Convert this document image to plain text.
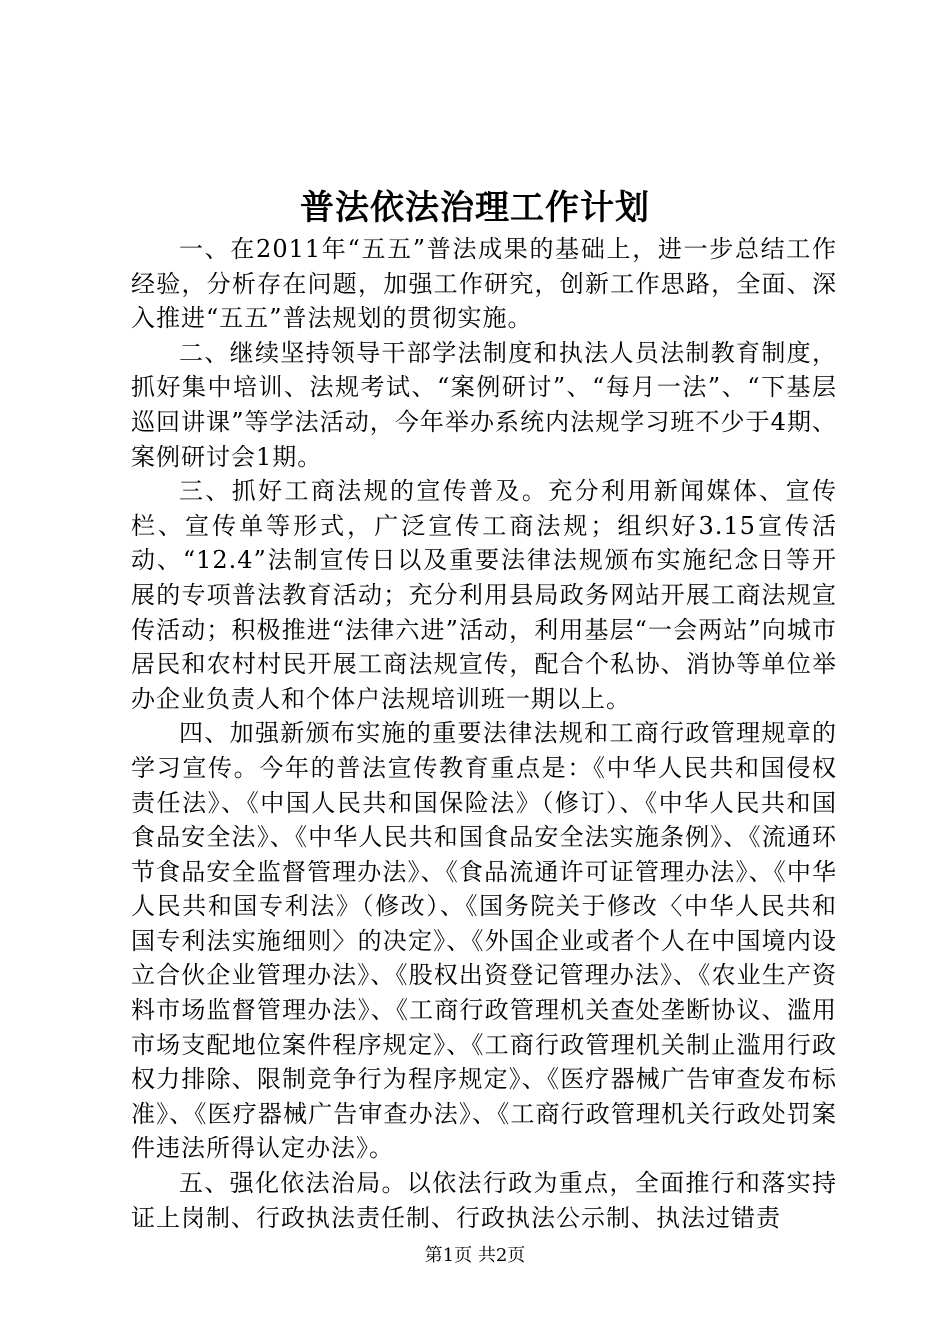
普法依法治理工作计划

一、在2011年“五五”普法成果的基础上，进一步总结工作经验，分析存在问题，加强工作研究，创新工作思路，全面、深入推进“五五”普法规划的贯彻实施。

二、继续坚持领导干部学法制度和执法人员法制教育制度，抓好集中培训、法规考试、“案例研讨”、“每月一法”、“下基层巡回讲课”等学法活动，今年举办系统内法规学习班不少于4期、案例研讨会1期。

三、抓好工商法规的宣传普及。充分利用新闻媒体、宣传栏、宣传单等形式，广泛宣传工商法规；组织好3.15宣传活动、“12.4”法制宣传日以及重要法律法规颁布实施纪念日等开展的专项普法教育活动；充分利用县局政务网站开展工商法规宣传活动；积极推进“法律六进”活动，利用基层“一会两站”向城市居民和农村村民开展工商法规宣传，配合个私协、消协等单位举办企业负责人和个体户法规培训班一期以上。

四、加强新颁布实施的重要法律法规和工商行政管理规章的学习宣传。今年的普法宣传教育重点是：《中华人民共和国侵权责任法》、《中国人民共和国保险法》（修订）、《中华人民共和国食品安全法》、《中华人民共和国食品安全法实施条例》、《流通环节食品安全监督管理办法》、《食品流通许可证管理办法》、《中华人民共和国专利法》（修改）、《国务院关于修改〈中华人民共和国专利法实施细则〉的决定》、《外国企业或者个人在中国境内设立合伙企业管理办法》、《股权出资登记管理办法》、《农业生产资料市场监督管理办法》、《工商行政管理机关查处垄断协议、滥用市场支配地位案件程序规定》、《工商行政管理机关制止滥用行政权力排除、限制竞争行为程序规定》、《医疗器械广告审查发布标准》、《医疗器械广告审查办法》、《工商行政管理机关行政处罚案件违法所得认定办法》。

五、强化依法治局。以依法行政为重点，全面推行和落实持证上岗制、行政执法责任制、行政执法公示制、执法过错责

第1页 共2页
